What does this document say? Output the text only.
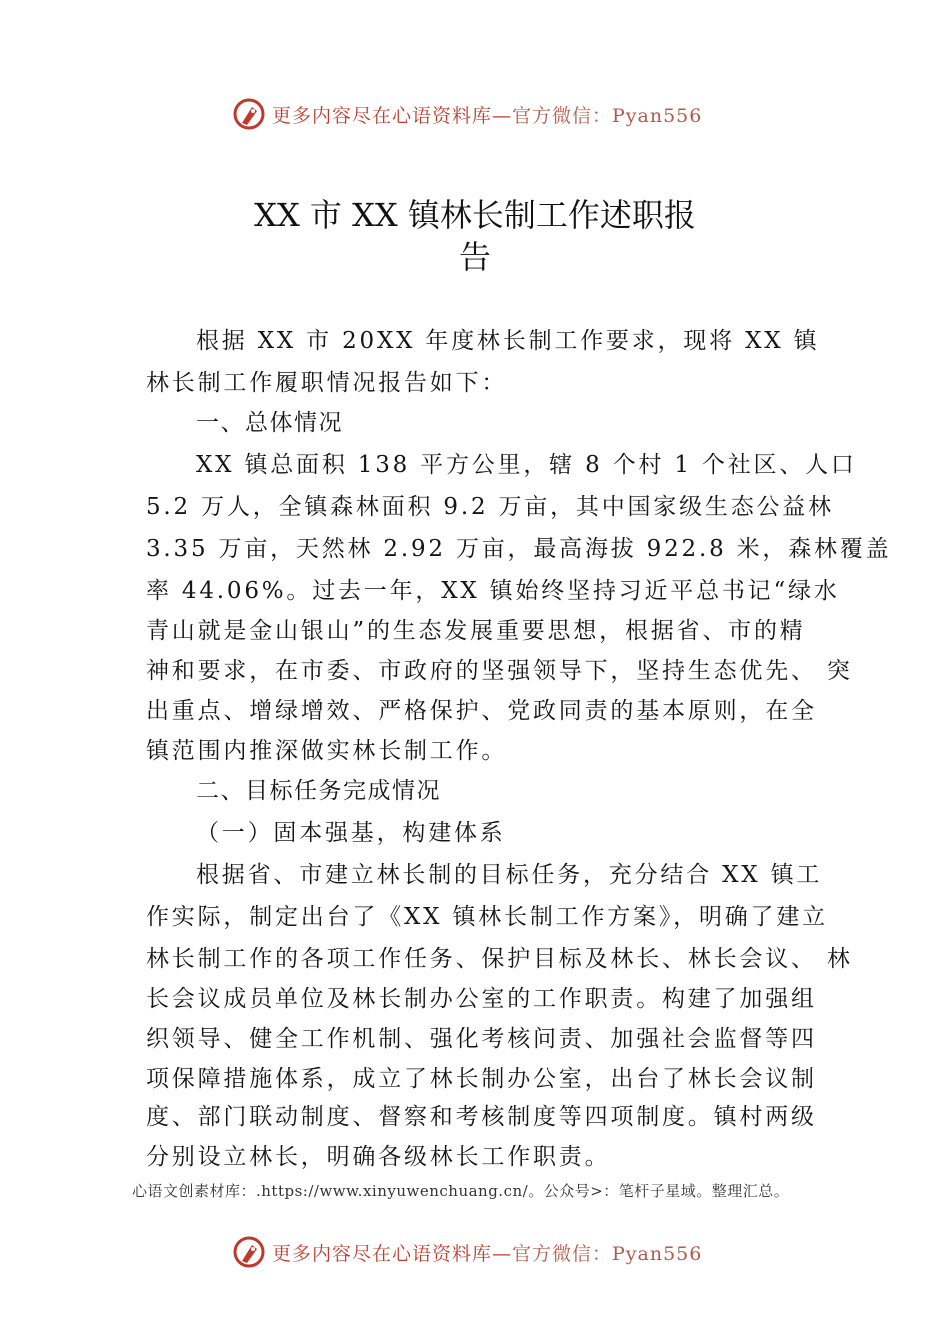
更多内容尽在心语资料库—官方微信：Pyan556
XX 市 XX 镇林长制工作述职报
告
根据 XX 市 20XX 年度林长制工作要求，现将 XX 镇
林长制工作履职情况报告如下：
一、总体情况
XX 镇总面积 138 平方公里，辖 8 个村 1 个社区、人口
5.2 万人，全镇森林面积 9.2 万亩，其中国家级生态公益林
3.35 万亩，天然林 2.92 万亩，最高海拔 922.8 米，森林覆盖
率 44.06%。过去一年，XX 镇始终坚持习近平总书记“绿水
青山就是金山银山”的生态发展重要思想，根据省、市的精
神和要求，在市委、市政府的坚强领导下，坚持生态优先、 突
出重点、增绿增效、严格保护、党政同责的基本原则，在全
镇范围内推深做实林长制工作。
二、目标任务完成情况
（一）固本强基，构建体系
根据省、市建立林长制的目标任务，充分结合 XX 镇工
作实际，制定出台了《XX 镇林长制工作方案》，明确了建立
林长制工作的各项工作任务、保护目标及林长、林长会议、 林
长会议成员单位及林长制办公室的工作职责。构建了加强组
织领导、健全工作机制、强化考核问责、加强社会监督等四
项保障措施体系，成立了林长制办公室，出台了林长会议制
度、部门联动制度、督察和考核制度等四项制度。镇村两级
分别设立林长，明确各级林长工作职责。
心语文创素材库：.https://www.xinyuwenchuang.cn/。公众号>：笔杆子星域。整理汇总。
更多内容尽在心语资料库—官方微信：Pyan556
